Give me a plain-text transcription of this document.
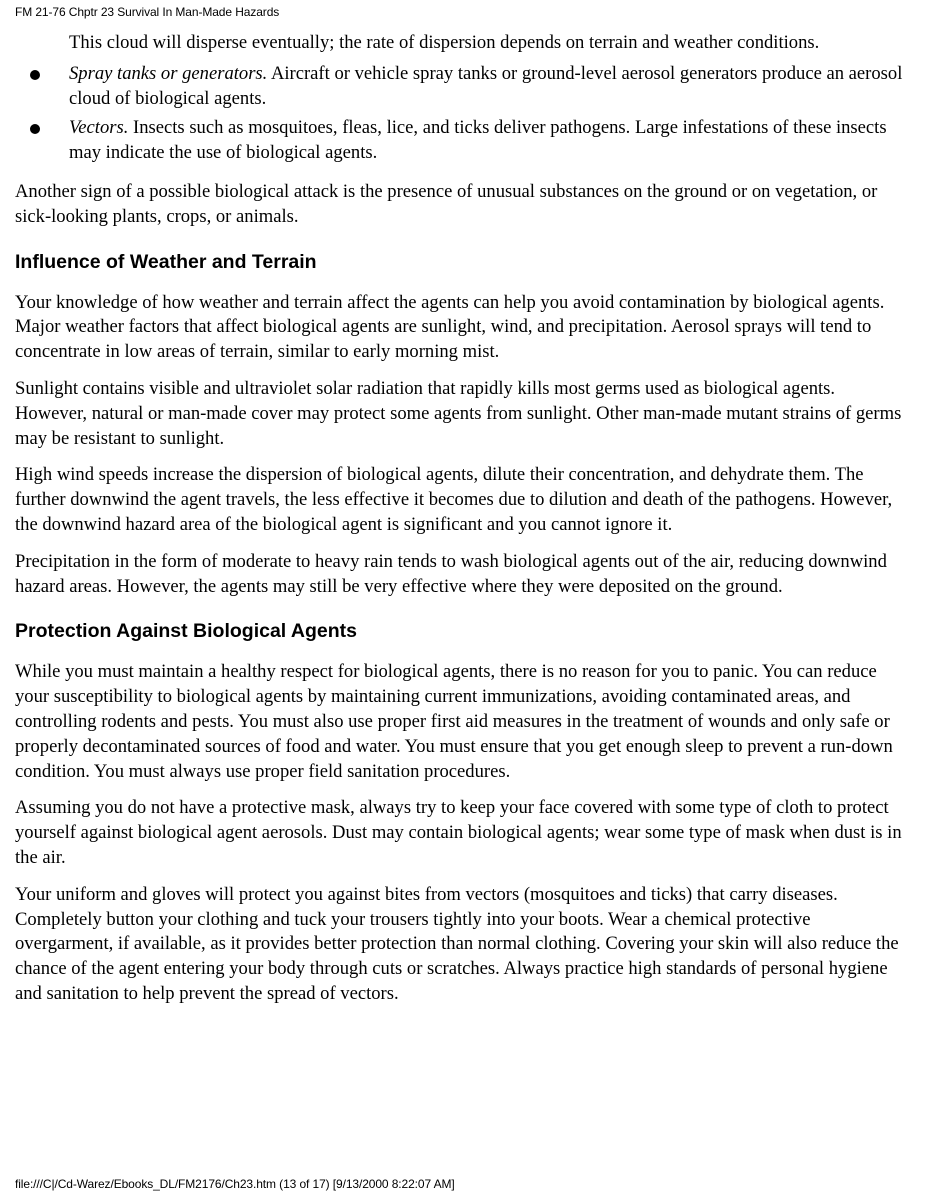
FM 21-76 Chptr 23 Survival In Man-Made Hazards

This cloud will disperse eventually; the rate of dispersion depends on terrain and weather conditions.

Spray tanks or generators. Aircraft or vehicle spray tanks or ground-level aerosol generators produce an aerosol cloud of biological agents.
Vectors. Insects such as mosquitoes, fleas, lice, and ticks deliver pathogens. Large infestations of these insects may indicate the use of biological agents.

Another sign of a possible biological attack is the presence of unusual substances on the ground or on vegetation, or sick-looking plants, crops, or animals.

Influence of Weather and Terrain

Your knowledge of how weather and terrain affect the agents can help you avoid contamination by biological agents. Major weather factors that affect biological agents are sunlight, wind, and precipitation. Aerosol sprays will tend to concentrate in low areas of terrain, similar to early morning mist.

Sunlight contains visible and ultraviolet solar radiation that rapidly kills most germs used as biological agents. However, natural or man-made cover may protect some agents from sunlight. Other man-made mutant strains of germs may be resistant to sunlight.

High wind speeds increase the dispersion of biological agents, dilute their concentration, and dehydrate them. The further downwind the agent travels, the less effective it becomes due to dilution and death of the pathogens. However, the downwind hazard area of the biological agent is significant and you cannot ignore it.

Precipitation in the form of moderate to heavy rain tends to wash biological agents out of the air, reducing downwind hazard areas. However, the agents may still be very effective where they were deposited on the ground.

Protection Against Biological Agents

While you must maintain a healthy respect for biological agents, there is no reason for you to panic. You can reduce your susceptibility to biological agents by maintaining current immunizations, avoiding contaminated areas, and controlling rodents and pests. You must also use proper first aid measures in the treatment of wounds and only safe or properly decontaminated sources of food and water. You must ensure that you get enough sleep to prevent a run-down condition. You must always use proper field sanitation procedures.

Assuming you do not have a protective mask, always try to keep your face covered with some type of cloth to protect yourself against biological agent aerosols. Dust may contain biological agents; wear some type of mask when dust is in the air.

Your uniform and gloves will protect you against bites from vectors (mosquitoes and ticks) that carry diseases. Completely button your clothing and tuck your trousers tightly into your boots. Wear a chemical protective overgarment, if available, as it provides better protection than normal clothing. Covering your skin will also reduce the chance of the agent entering your body through cuts or scratches. Always practice high standards of personal hygiene and sanitation to help prevent the spread of vectors.

file:///C|/Cd-Warez/Ebooks_DL/FM2176/Ch23.htm (13 of 17) [9/13/2000 8:22:07 AM]
